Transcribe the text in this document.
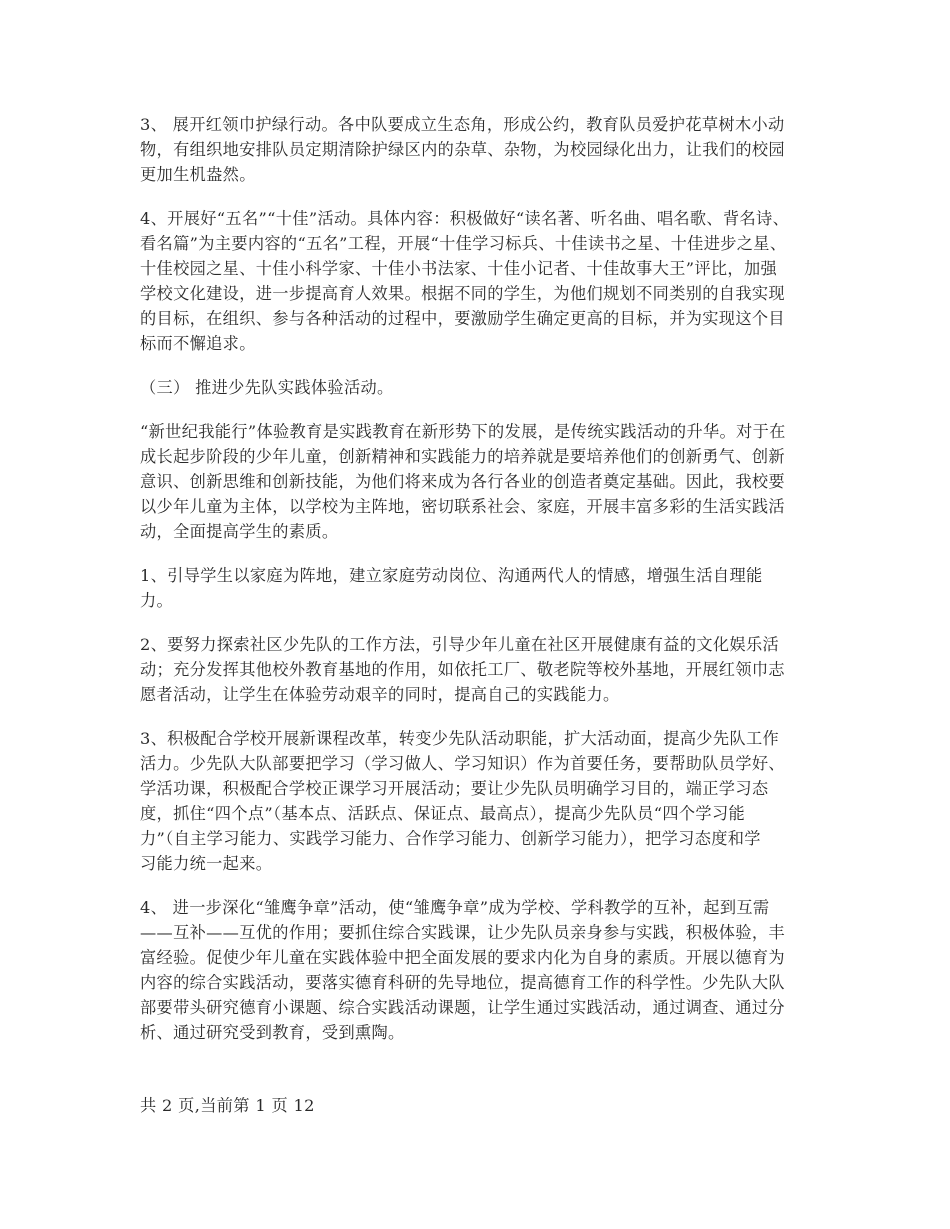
3、 展开红领巾护绿行动。各中队要成立生态角，形成公约，教育队员爱护花草树木小动
物，有组织地安排队员定期清除护绿区内的杂草、杂物，为校园绿化出力，让我们的校园
更加生机盎然。
4、开展好“五名”“十佳”活动。具体内容：积极做好“读名著、听名曲、唱名歌、背名诗、
看名篇”为主要内容的“五名”工程，开展“十佳学习标兵、十佳读书之星、十佳进步之星、
十佳校园之星、十佳小科学家、十佳小书法家、十佳小记者、十佳故事大王”评比，加强
学校文化建设，进一步提高育人效果。根据不同的学生，为他们规划不同类别的自我实现
的目标，在组织、参与各种活动的过程中，要激励学生确定更高的目标，并为实现这个目
标而不懈追求。
（三） 推进少先队实践体验活动。
“新世纪我能行”体验教育是实践教育在新形势下的发展，是传统实践活动的升华。对于在
成长起步阶段的少年儿童，创新精神和实践能力的培养就是要培养他们的创新勇气、创新
意识、创新思维和创新技能，为他们将来成为各行各业的创造者奠定基础。因此，我校要
以少年儿童为主体，以学校为主阵地，密切联系社会、家庭，开展丰富多彩的生活实践活
动，全面提高学生的素质。
1、引导学生以家庭为阵地，建立家庭劳动岗位、沟通两代人的情感，增强生活自理能
力。
2、要努力探索社区少先队的工作方法，引导少年儿童在社区开展健康有益的文化娱乐活
动；充分发挥其他校外教育基地的作用，如依托工厂、敬老院等校外基地，开展红领巾志
愿者活动，让学生在体验劳动艰辛的同时，提高自己的实践能力。
3、积极配合学校开展新课程改革，转变少先队活动职能，扩大活动面，提高少先队工作
活力。少先队大队部要把学习（学习做人、学习知识）作为首要任务，要帮助队员学好、
学活功课，积极配合学校正课学习开展活动；要让少先队员明确学习目的，端正学习态
度，抓住“四个点”（基本点、活跃点、保证点、最高点），提高少先队员“四个学习能
力”（自主学习能力、实践学习能力、合作学习能力、创新学习能力），把学习态度和学
习能力统一起来。
4、 进一步深化“雏鹰争章”活动，使“雏鹰争章”成为学校、学科教学的互补，起到互需
——互补——互优的作用；要抓住综合实践课，让少先队员亲身参与实践，积极体验，丰
富经验。促使少年儿童在实践体验中把全面发展的要求内化为自身的素质。开展以德育为
内容的综合实践活动，要落实德育科研的先导地位，提高德育工作的科学性。少先队大队
部要带头研究德育小课题、综合实践活动课题，让学生通过实践活动，通过调查、通过分
析、通过研究受到教育，受到熏陶。
共 2 页,当前第 1 页 12
